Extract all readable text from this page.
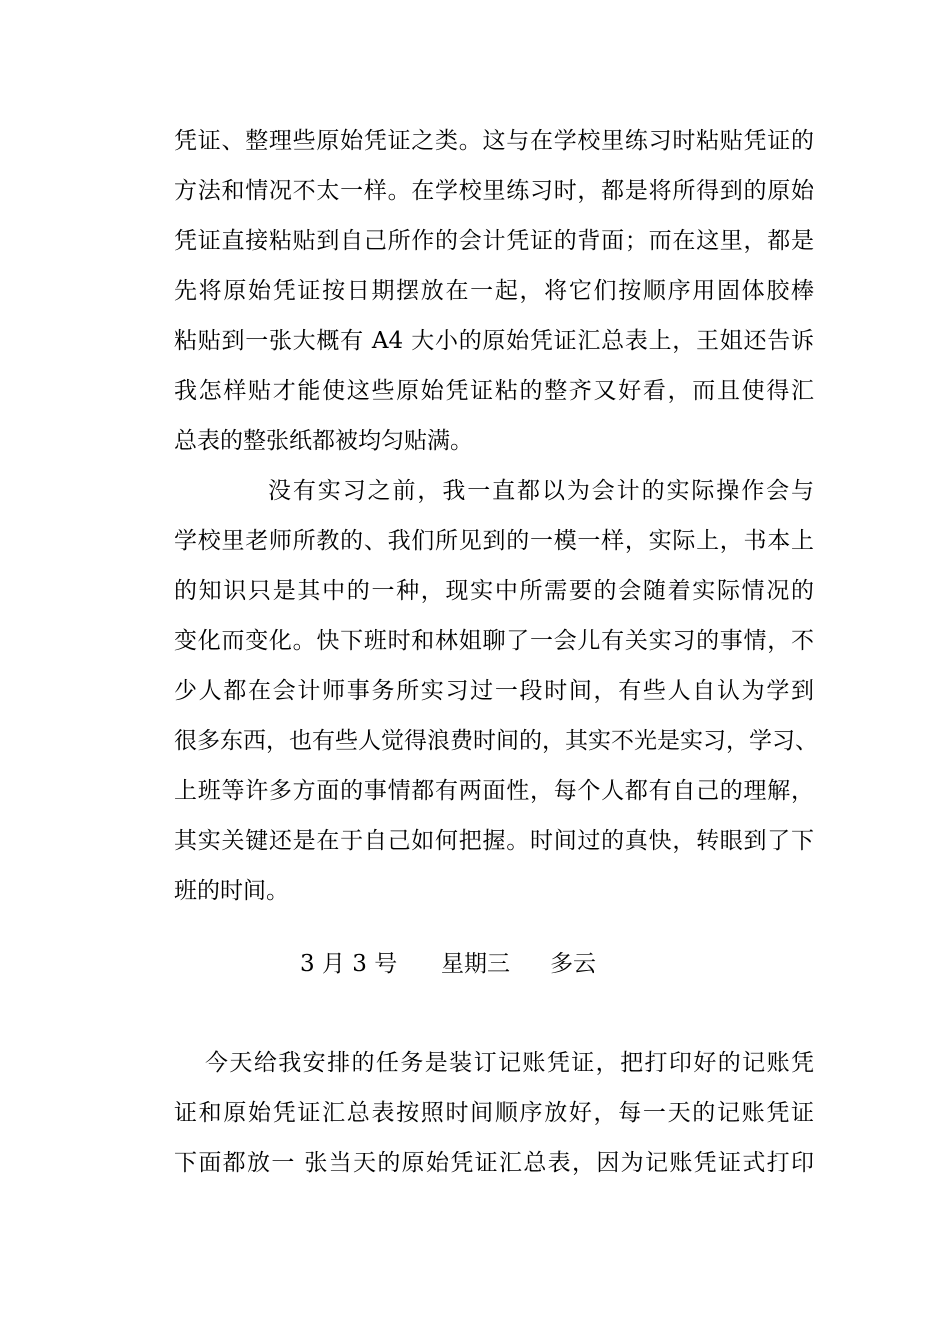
凭证、整理些原始凭证之类。这与在学校里练习时粘贴凭证的
方法和情况不太一样。在学校里练习时，都是将所得到的原始
凭证直接粘贴到自己所作的会计凭证的背面；而在这里，都是
先将原始凭证按日期摆放在一起，将它们按顺序用固体胶棒
粘贴到一张大概有 A4 大小的原始凭证汇总表上，王姐还告诉
我怎样贴才能使这些原始凭证粘的整齐又好看，而且使得汇
总表的整张纸都被均匀贴满。
没有实习之前，我一直都以为会计的实际操作会与
学校里老师所教的、我们所见到的一模一样，实际上，书本上
的知识只是其中的一种，现实中所需要的会随着实际情况的
变化而变化。快下班时和林姐聊了一会儿有关实习的事情，不
少人都在会计师事务所实习过一段时间，有些人自认为学到
很多东西，也有些人觉得浪费时间的，其实不光是实习，学习、
上班等许多方面的事情都有两面性，每个人都有自己的理解，
其实关键还是在于自己如何把握。时间过的真快，转眼到了下
班的时间。
3 月 3 号 星期三 多云
今天给我安排的任务是装订记账凭证，把打印好的记账凭
证和原始凭证汇总表按照时间顺序放好，每一天的记账凭证
下面都放一 张当天的原始凭证汇总表，因为记账凭证式打印
